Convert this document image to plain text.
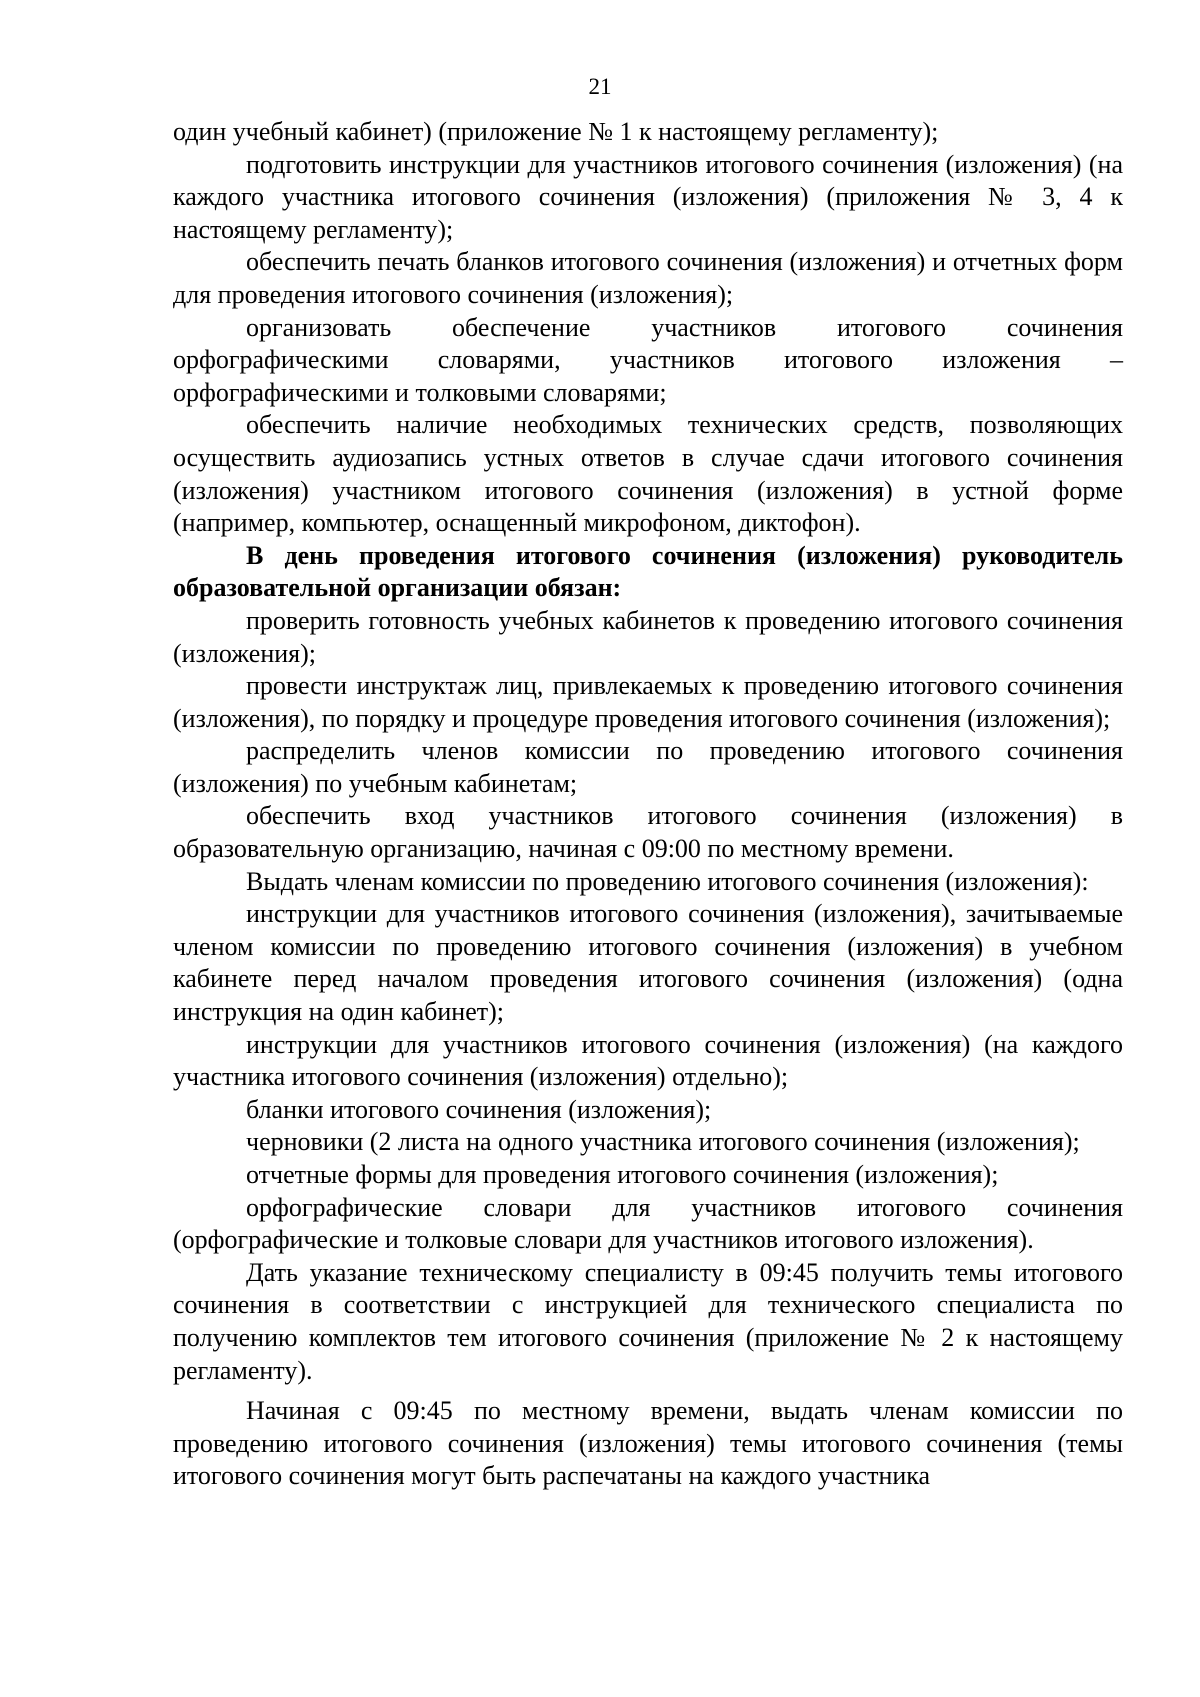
21

один учебный кабинет) (приложение № 1 к настоящему регламенту);

подготовить инструкции для участников итогового сочинения (изложения) (на каждого участника итогового сочинения (изложения) (приложения № 3, 4 к настоящему регламенту);

обеспечить печать бланков итогового сочинения (изложения) и отчетных форм для проведения итогового сочинения (изложения);

организовать обеспечение участников итогового сочинения орфографическими словарями, участников итогового изложения – орфографическими и толковыми словарями;

обеспечить наличие необходимых технических средств, позволяющих осуществить аудиозапись устных ответов в случае сдачи итогового сочинения (изложения) участником итогового сочинения (изложения) в устной форме (например, компьютер, оснащенный микрофоном, диктофон).

В день проведения итогового сочинения (изложения) руководитель образовательной организации обязан:

проверить готовность учебных кабинетов к проведению итогового сочинения (изложения);

провести инструктаж лиц, привлекаемых к проведению итогового сочинения (изложения), по порядку и процедуре проведения итогового сочинения (изложения);

распределить членов комиссии по проведению итогового сочинения (изложения) по учебным кабинетам;

обеспечить вход участников итогового сочинения (изложения) в образовательную организацию, начиная с 09:00 по местному времени.

Выдать членам комиссии по проведению итогового сочинения (изложения):

инструкции для участников итогового сочинения (изложения), зачитываемые членом комиссии по проведению итогового сочинения (изложения) в учебном кабинете перед началом проведения итогового сочинения (изложения) (одна инструкция на один кабинет);

инструкции для участников итогового сочинения (изложения) (на каждого участника итогового сочинения (изложения) отдельно);

бланки итогового сочинения (изложения);

черновики (2 листа на одного участника итогового сочинения (изложения);

отчетные формы для проведения итогового сочинения (изложения);

орфографические словари для участников итогового сочинения (орфографические и толковые словари для участников итогового изложения).

Дать указание техническому специалисту в 09:45 получить темы итогового сочинения в соответствии с инструкцией для технического специалиста по получению комплектов тем итогового сочинения (приложение № 2 к настоящему регламенту).

Начиная с 09:45 по местному времени, выдать членам комиссии по проведению итогового сочинения (изложения) темы итогового сочинения (темы итогового сочинения могут быть распечатаны на каждого участника
